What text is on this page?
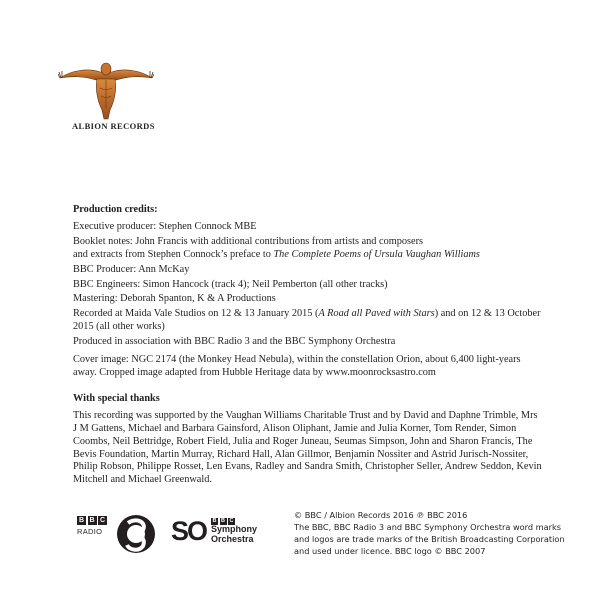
ALBION RECORDS

Production credits:

Executive producer: Stephen Connock MBE

Booklet notes: John Francis with additional contributions from artists and composers

and extracts from Stephen Connock’s preface to The Complete Poems of Ursula Vaughan Williams

BBC Producer: Ann McKay

BBC Engineers: Simon Hancock (track 4); Neil Pemberton (all other tracks)

Mastering: Deborah Spanton, K & A Productions

Recorded at Maida Vale Studios on 12 & 13 January 2015 (A Road all Paved with Stars) and on 12 & 13 October 2015 (all other works)

Produced in association with BBC Radio 3 and the BBC Symphony Orchestra

Cover image: NGC 2174 (the Monkey Head Nebula), within the constellation Orion, about 6,400 light-years away. Cropped image adapted from Hubble Heritage data by www.moonrocksastro.com

With special thanks

This recording was supported by the Vaughan Williams Charitable Trust and by David and Daphne Trimble, Mrs J M Gattens, Michael and Barbara Gainsford, Alison Oliphant, Jamie and Julia Korner, Tom Render, Simon Coombs, Neil Bettridge, Robert Field, Julia and Roger Juneau, Seumas Simpson, John and Sharon Francis, The Bevis Foundation, Martin Murray, Richard Hall, Alan Gillmor, Benjamin Nossiter and Astrid Jurisch-Nossiter, Philip Robson, Philippe Rosset, Len Evans, Radley and Sandra Smith, Christopher Seller, Andrew Seddon, Kevin Mitchell and Michael Greenwald.

B B C
RADIO	SO B B C
Symphony
Orchestra

© BBC / Albion Records 2016 ℗ BBC 2016

The BBC, BBC Radio 3 and BBC Symphony Orchestra word marks

and logos are trade marks of the British Broadcasting Corporation

and used under licence. BBC logo © BBC 2007
